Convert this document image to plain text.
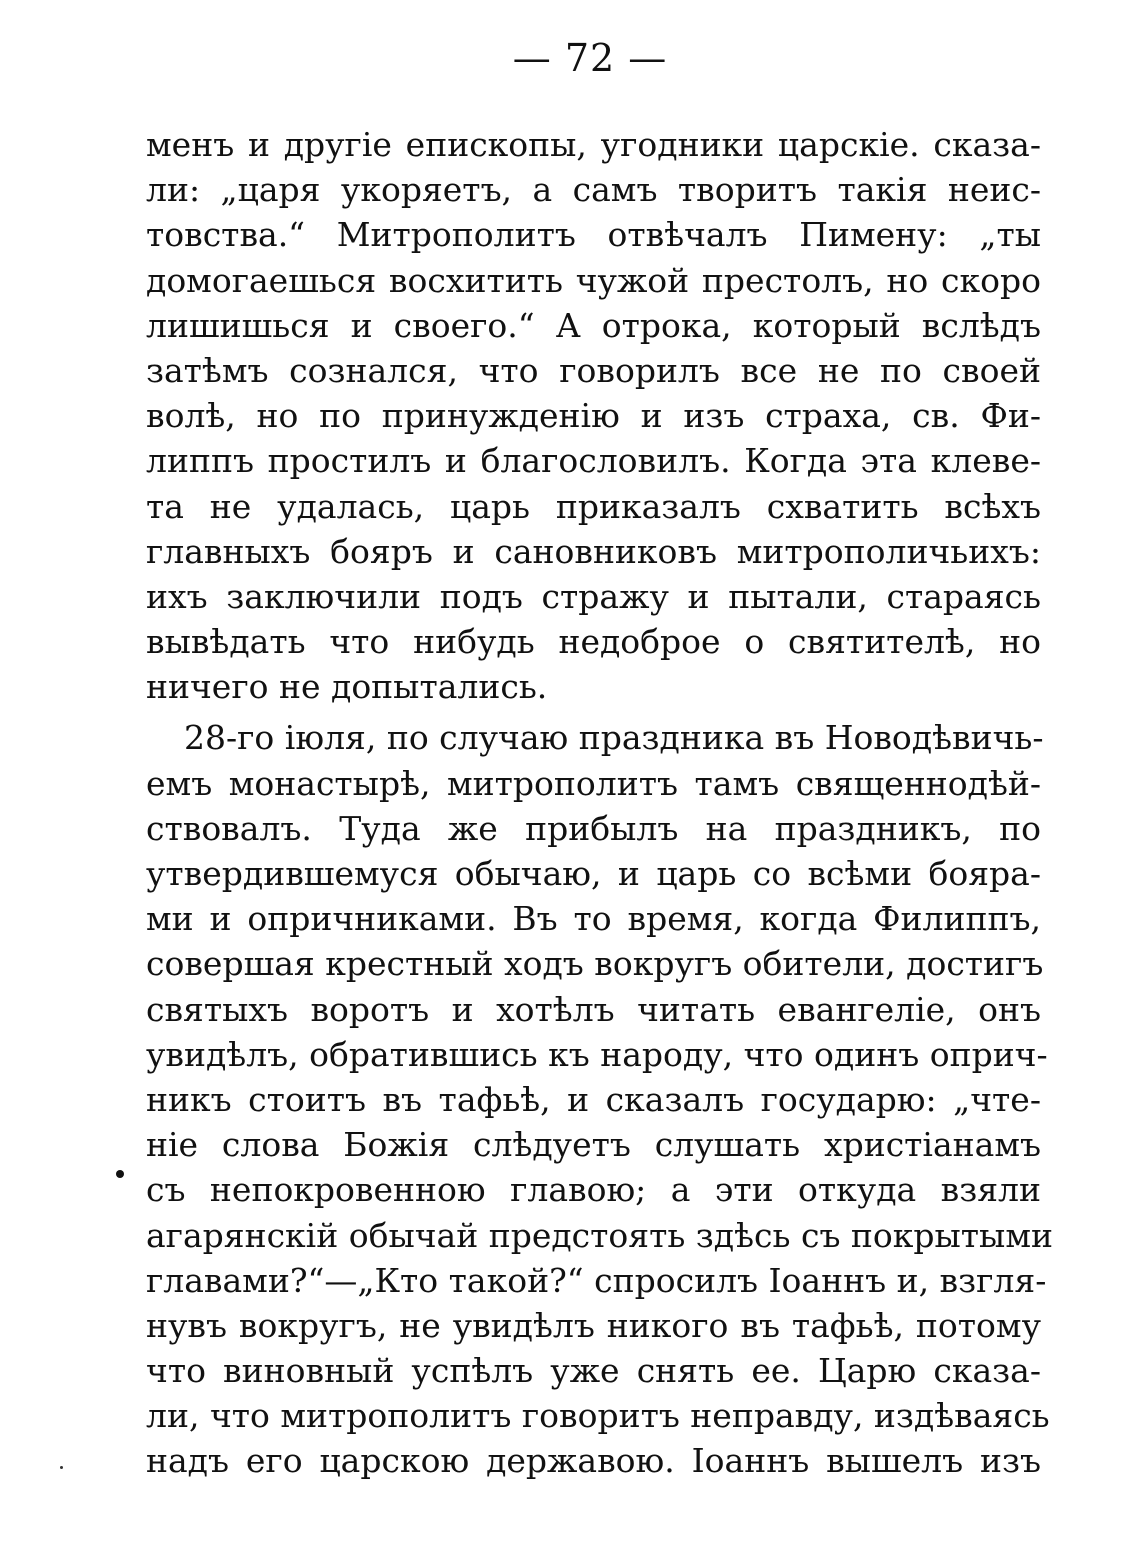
— 72 —
менъ и другіе епископы, угодники царскіе. сказа-
ли: „царя укоряетъ, а самъ творитъ такія неис-
товства.“ Митрополитъ отвѣчалъ Пимену: „ты
домогаешься восхитить чужой престолъ, но скоро
лишишься и своего.“ А отрока, который вслѣдъ
затѣмъ сознался, что говорилъ все не по своей
волѣ, но по принужденію и изъ страха, св. Фи-
липпъ простилъ и благословилъ. Когда эта клеве-
та не удалась, царь приказалъ схватить всѣхъ
главныхъ бояръ и сановниковъ митрополичьихъ:
ихъ заключили подъ стражу и пытали, стараясь
вывѣдать что нибудь недоброе о святителѣ, но
ничего не допытались.
28-го іюля, по случаю праздника въ Новодѣвичь-
емъ монастырѣ, митрополитъ тамъ священнодѣй-
ствовалъ. Туда же прибылъ на праздникъ, по
утвердившемуся обычаю, и царь со всѣми бояра-
ми и опричниками. Въ то время, когда Филиппъ,
совершая крестный ходъ вокругъ обители, достигъ
святыхъ воротъ и хотѣлъ читать евангеліе, онъ
увидѣлъ, обратившись къ народу, что одинъ оприч-
никъ стоитъ въ тафьѣ, и сказалъ государю: „чте-
ніе слова Божія слѣдуетъ слушать христіанамъ
съ непокровенною главою; а эти откуда взяли
агарянскій обычай предстоять здѣсь съ покрытыми
главами?“—„Кто такой?“ спросилъ Іоаннъ и, взгля-
нувъ вокругъ, не увидѣлъ никого въ тафьѣ, потому
что виновный успѣлъ уже снять ее. Царю сказа-
ли, что митрополитъ говоритъ неправду, издѣваясь
надъ его царскою державою. Іоаннъ вышелъ изъ
